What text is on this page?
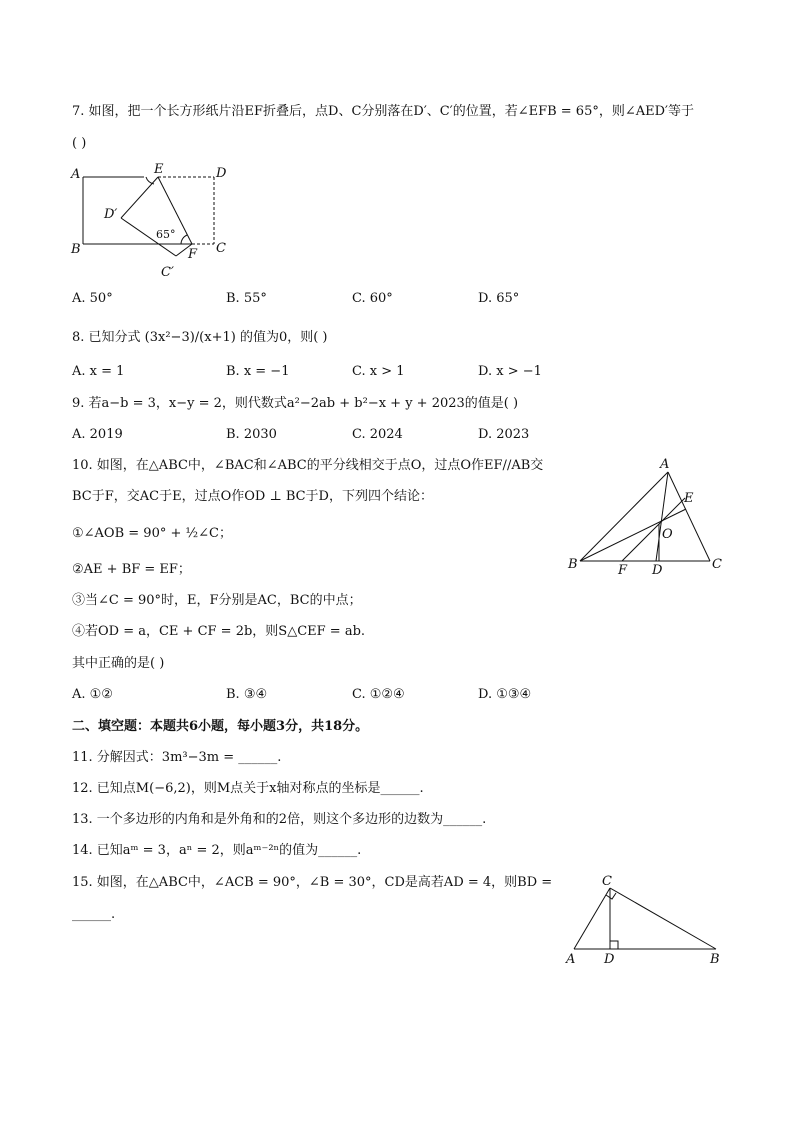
7. 如图，把一个长方形纸片沿EF折叠后，点D、C分别落在D′、C′的位置，若∠EFB = 65°，则∠AED′等于
( )
A	E	D
D′
B	C
C′
F
65°
A. 50°	B. 55°	C. 60°	D. 65°
8. 已知分式 (3x²−3)/(x+1) 的值为0，则( )
A. x = 1	B. x = −1	C. x > 1	D. x > −1
9. 若a−b = 3，x−y = 2，则代数式a²−2ab + b²−x + y + 2023的值是( )
A. 2019	B. 2030	C. 2024	D. 2023
10. 如图，在△ABC中，∠BAC和∠ABC的平分线相交于点O，过点O作EF//AB交
BC于F，交AC于E，过点O作OD ⊥ BC于D，下列四个结论：
①∠AOB = 90° + ½∠C；
②AE + BF = EF；
③当∠C = 90°时，E，F分别是AC，BC的中点；
④若OD = a，CE + CF = 2b，则S△CEF = ab.
其中正确的是( )
A
E
O
B	F D	C
A. ①②	B. ③④	C. ①②④	D. ①③④
二、填空题：本题共6小题，每小题3分，共18分。
11. 分解因式：3m³−3m = ______.
12. 已知点M(−6,2)，则M点关于x轴对称点的坐标是______.
13. 一个多边形的内角和是外角和的2倍，则这个多边形的边数为______.
14. 已知aᵐ = 3，aⁿ = 2，则aᵐ⁻²ⁿ的值为______.
15. 如图，在△ABC中，∠ACB = 90°，∠B = 30°，CD是高若AD = 4，则BD =
______.
C
A D	B
